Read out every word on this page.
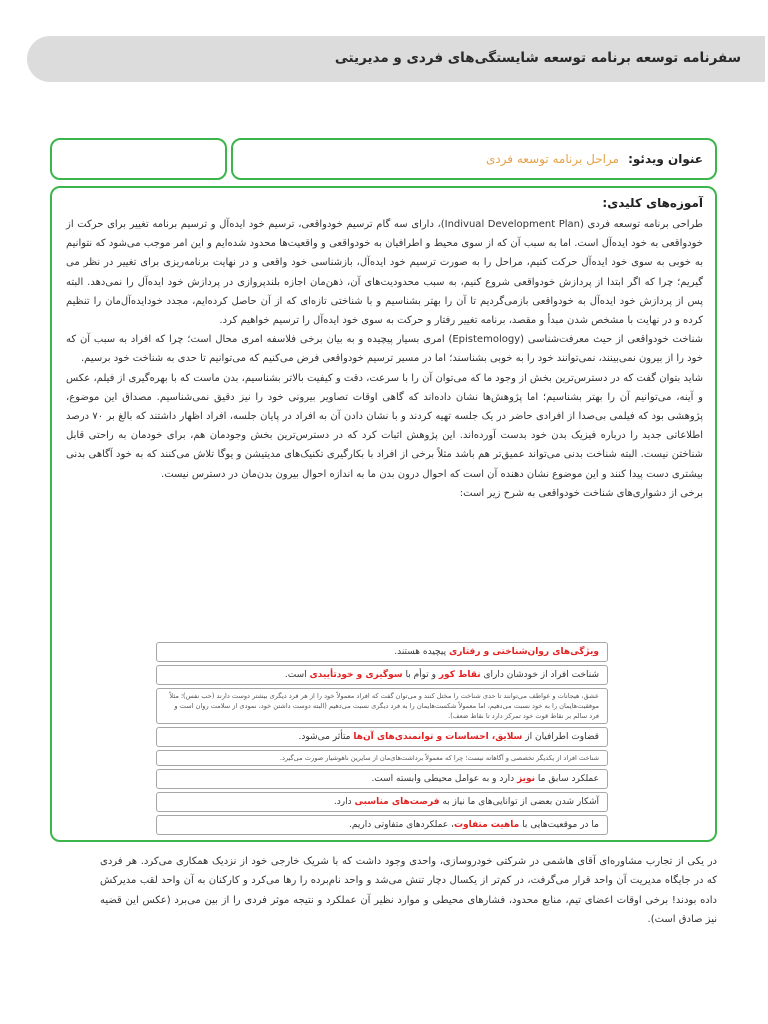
سفرنامه توسعه برنامه توسعه شایستگی‌های فردی و مدیریتی
عنوان ویدئو:
مراحل برنامه توسعه فردی

آموزه‌های کلیدی:

طراحی برنامه توسعه فردی (Indivual Development Plan)، دارای سه گام ترسیم خودواقعی، ترسیم خود ایده‌آل و ترسیم برنامه تغییر برای حرکت از خودواقعی به خود ایده‌آل است. اما به سبب آن که از سوی محیط و اطرافیان به خودواقعی و واقعیت‌ها محدود شده‌ایم و این امر موجب می‌شود که نتوانیم به خوبی به سوی خود ایده‌آل حرکت کنیم، مراحل را به صورت ترسیم خود ایده‌آل، بازشناسی خود واقعی و در نهایت برنامه‌ریزی برای تغییر در نظر می گیریم؛ چرا که اگر ابتدا از پردازش خودواقعی شروع کنیم، به سبب محدودیت‌های آن، ذهن‌مان اجازه بلندپروازی در پردازش خود ایده‌آل را نمی‌دهد. البته پس از پردازش خود ایده‌آل به خودواقعی بازمی‌گردیم تا آن را بهتر بشناسیم و با شناختی تازه‌ای که از آن حاصل کرده‌ایم، مجدد خودایده‌آل‌مان را تنظیم کرده و در نهایت با مشخص شدن مبدأ و مقصد، برنامه تغییر رفتار و حرکت به سوی خود ایده‌آل را ترسیم خواهیم کرد.

شناخت خودواقعی از حیث معرفت‌شناسی (Epistemology) امری بسیار پیچیده و به بیان برخی فلاسفه امری محال است؛ چرا که افراد به سبب آن که خود را از بیرون نمی‌بینند، نمی‌توانند خود را به خوبی بشناسند؛ اما در مسیر ترسیم خودواقعی فرض می‌کنیم که می‌توانیم تا حدی به شناخت خود برسیم.

شاید بتوان گفت که در دسترس‌ترین بخش از وجود ما که می‌توان آن را با سرعت، دقت و کیفیت بالاتر بشناسیم، بدن ماست که با بهره‌گیری از فیلم، عکس و آینه، می‌توانیم آن را بهتر بشناسیم؛ اما پژوهش‌ها نشان داده‌اند که گاهی اوقات تصاویر بیرونی خود را نیز دقیق نمی‌شناسیم. مصداق این موضوع، پژوهشی بود که فیلمی بی‌صدا از افرادی حاضر در یک جلسه تهیه کردند و با نشان دادن آن به افراد در پایان جلسه، افراد اظهار داشتند که بالغ بر ۷۰ درصد اطلاعاتی جدید را درباره فیزیک بدن خود بدست آورده‌اند. این پژوهش اثبات کرد که در دسترس‌ترین بخش وجودمان هم، برای خودمان به راحتی قابل شناختن نیست. البته شناخت بدنی می‌تواند عمیق‌تر هم باشد مثلاً برخی از افراد با بکارگیری تکنیک‌های مدیتیشن و یوگا تلاش می‌کنند که به خود آگاهی بدنی بیشتری دست پیدا کنند و این موضوع نشان دهنده آن است که احوال درون بدن ما به اندازه احوال بیرون بدن‌مان در دسترس نیست.

برخی از دشواری‌های شناخت خودواقعی به شرح زیر است:

ویژگی‌های روان‌شناختی و رفتاری پیچیده هستند.
شناخت افراد از خودشان دارای نقاط کور و توأم با سوگیری و خودتأییدی است.
عشق، هیجانات و عواطف می‌توانند تا حدی شناخت را مختل کنند و می‌توان گفت که افراد معمولاً خود را از هر فرد دیگری بیشتر دوست دارند (حب نفس)؛ مثلاً موفقیت‌هایمان را به خود نسبت می‌دهیم، اما معمولاً شکست‌هایمان را به فرد دیگری نسبت می‌دهیم (البته دوست داشتن خود، نمودی از سلامت روان است و فرد سالم بر نقاط قوت خود تمرکز دارد تا نقاط ضعف).
قضاوت اطرافیان از سلایق، احساسات و توانمندی‌های آن‌ها متأثر می‌شود.
شناخت افراد از یکدیگر تخصصی و آگاهانه نیست؛ چرا که معمولاً برداشت‌های‌مان از سایرین ناهوشیار صورت می‌گیرد.
عملکرد سابق ما نویز دارد و به عوامل محیطی وابسته است.
آشکار شدن بعضی از توانایی‌های ما نیاز به فرصت‌های مناسبی دارد.
ما در موقعیت‌هایی با ماهیت متفاوت، عملکردهای متفاوتی داریم.

در یکی از تجارب مشاوره‌ای آقای هاشمی در شرکتی خودروسازی، واحدی وجود داشت که با شریک خارجی خود از نزدیک همکاری می‌کرد. هر فردی که در جایگاه مدیریت آن واحد قرار می‌گرفت، در کم‌تر از یکسال دچار تنش می‌شد و واحد نام‌برده را رها می‌کرد و کارکنان به آن واحد لقب مدیرکش داده بودند! برخی اوقات اعضای تیم، منابع محدود، فشارهای محیطی و موارد نظیر آن عملکرد و نتیجه موثر فردی را از بین می‌برد (عکس این قضیه نیز صادق است).
